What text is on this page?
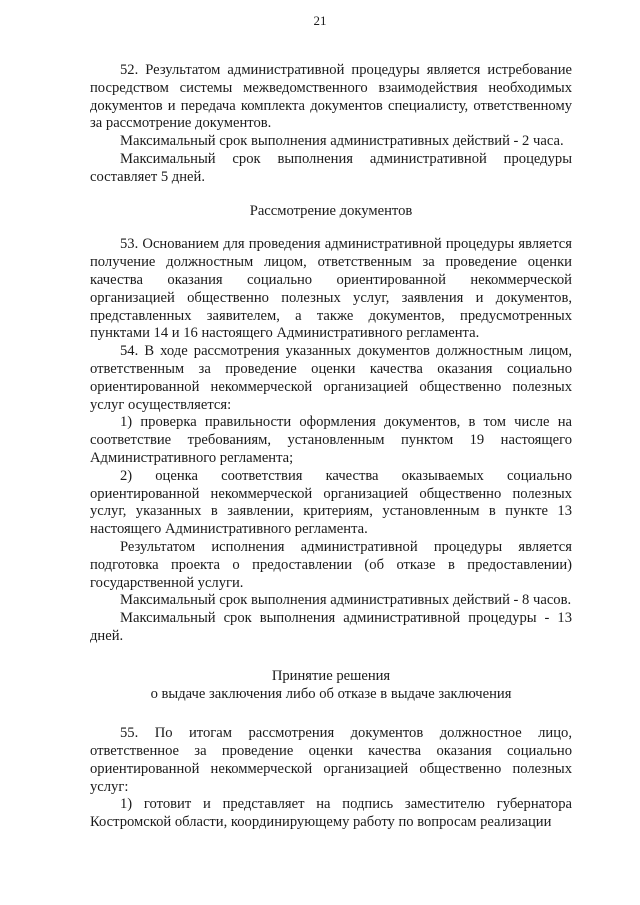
21

52. Результатом административной процедуры является истребование посредством системы межведомственного взаимодействия необходимых документов и передача комплекта документов специалисту, ответственному за рассмотрение документов.

Максимальный срок выполнения административных действий - 2 часа.

Максимальный срок выполнения административной процедуры составляет 5 дней.

Рассмотрение документов

53. Основанием для проведения административной процедуры является получение должностным лицом, ответственным за проведение оценки качества оказания социально ориентированной некоммерческой организацией общественно полезных услуг, заявления и документов, представленных заявителем, а также документов, предусмотренных пунктами 14 и 16 настоящего Административного регламента.

54. В ходе рассмотрения указанных документов должностным лицом, ответственным за проведение оценки качества оказания социально ориентированной некоммерческой организацией общественно полезных услуг осуществляется:

1) проверка правильности оформления документов, в том числе на соответствие требованиям, установленным пунктом 19 настоящего Административного регламента;

2) оценка соответствия качества оказываемых социально ориентированной некоммерческой организацией общественно полезных услуг, указанных в заявлении, критериям, установленным в пункте 13 настоящего Административного регламента.

Результатом исполнения административной процедуры является подготовка проекта о предоставлении (об отказе в предоставлении) государственной услуги.

Максимальный срок выполнения административных действий - 8 часов.

Максимальный срок выполнения административной процедуры - 13 дней.

Принятие решения

о выдаче заключения либо об отказе в выдаче заключения

55. По итогам рассмотрения документов должностное лицо, ответственное за проведение оценки качества оказания социально ориентированной некоммерческой организацией общественно полезных услуг:

1) готовит и представляет на подпись заместителю губернатора Костромской области, координирующему работу по вопросам реализации
